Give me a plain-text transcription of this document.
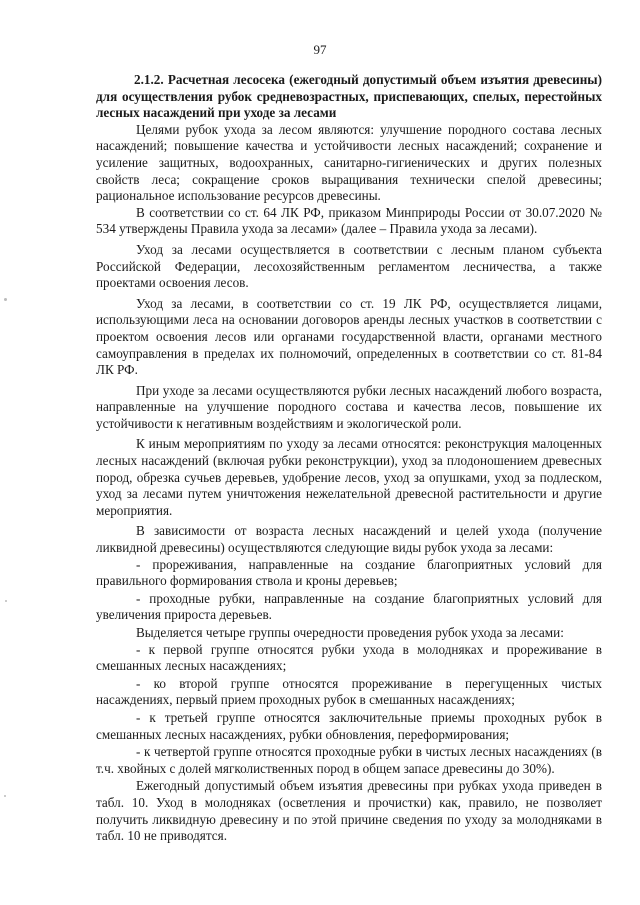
97

2.1.2. Расчетная лесосека (ежегодный допустимый объем изъятия древесины) для осуществления рубок средневозрастных, приспевающих, спелых, перестойных лесных насаждений при уходе за лесами

Целями рубок ухода за лесом являются: улучшение породного состава лесных насаждений; повышение качества и устойчивости лесных насаждений; сохранение и усиление защитных, водоохранных, санитарно-гигиенических и других полезных свойств леса; сокращение сроков выращивания технически спелой древесины; рациональное использование ресурсов древесины.

В соответствии со ст. 64 ЛК РФ, приказом Минприроды России от 30.07.2020 № 534 утверждены Правила ухода за лесами» (далее – Правила ухода за лесами).

Уход за лесами осуществляется в соответствии с лесным планом субъекта Российской Федерации, лесохозяйственным регламентом лесничества, а также проектами освоения лесов.

Уход за лесами, в соответствии со ст. 19 ЛК РФ, осуществляется лицами, использующими леса на основании договоров аренды лесных участков в соответствии с проектом освоения лесов или органами государственной власти, органами местного самоуправления в пределах их полномочий, определенных в соответствии со ст. 81-84 ЛК РФ.

При уходе за лесами осуществляются рубки лесных насаждений любого возраста, направленные на улучшение породного состава и качества лесов, повышение их устойчивости к негативным воздействиям и экологической роли.

К иным мероприятиям по уходу за лесами относятся: реконструкция малоценных лесных насаждений (включая рубки реконструкции), уход за плодоношением древесных пород, обрезка сучьев деревьев, удобрение лесов, уход за опушками, уход за подлеском, уход за лесами путем уничтожения нежелательной древесной растительности и другие мероприятия.

В зависимости от возраста лесных насаждений и целей ухода (получение ликвидной древесины) осуществляются следующие виды рубок ухода за лесами:

- прореживания, направленные на создание благоприятных условий для правильного формирования ствола и кроны деревьев;

- проходные рубки, направленные на создание благоприятных условий для увеличения прироста деревьев.

Выделяется четыре группы очередности проведения рубок ухода за лесами:

- к первой группе относятся рубки ухода в молодняках и прореживание в смешанных лесных насаждениях;

- ко второй группе относятся прореживание в перегущенных чистых насаждениях, первый прием проходных рубок в смешанных насаждениях;

- к третьей группе относятся заключительные приемы проходных рубок в смешанных лесных насаждениях, рубки обновления, переформирования;

- к четвертой группе относятся проходные рубки в чистых лесных насаждениях (в т.ч. хвойных с долей мягколиственных пород в общем запасе древесины до 30%).

Ежегодный допустимый объем изъятия древесины при рубках ухода приведен в табл. 10. Уход в молодняках (осветления и прочистки) как, правило, не позволяет получить ликвидную древесину и по этой причине сведения по уходу за молодняками в табл. 10 не приводятся.
